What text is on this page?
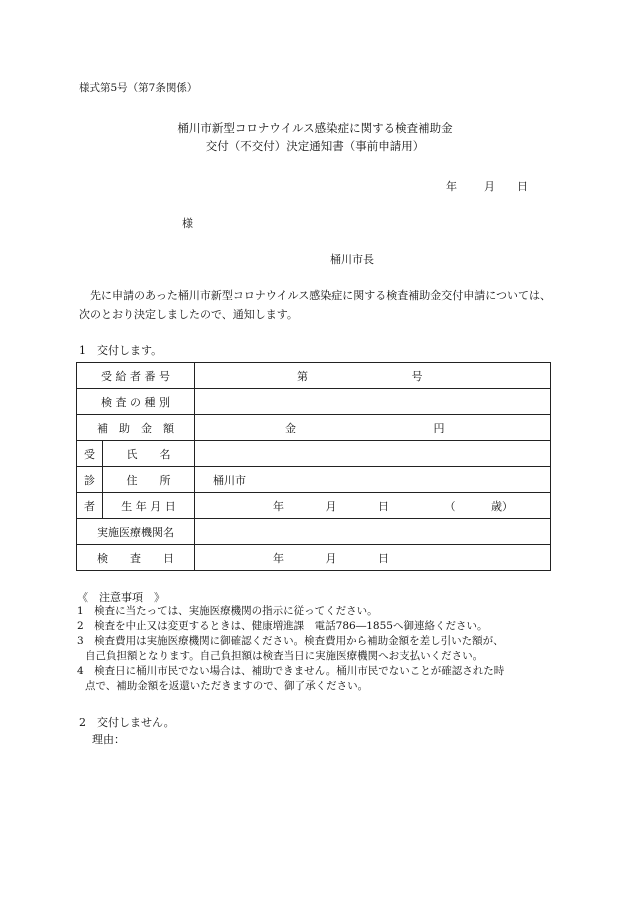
様式第5号（第7条関係）
桶川市新型コロナウイルス感染症に関する検査補助金
交付（不交付）決定通知書（事前申請用）
年 月 日
様
桶川市長
先に申請のあった桶川市新型コロナウイルス感染症に関する検査補助金交付申請については、次のとおり決定しましたので、通知します。
1　交付します。
受 給 者 番 号		第 号
検 査 の 種 別		
補　助　金　額		金 円
受	氏　　名	
診	住　　所	桶川市
者	生 年 月 日	年 月 日 （ 歳）
実施医療機関名		
検　　査　　日		年 月 日
《　注意事項　》
1　検査に当たっては、実施医療機関の指示に従ってください。
2　検査を中止又は変更するときは、健康増進課　電話786―1855へ御連絡ください。
3　検査費用は実施医療機関に御確認ください。検査費用から補助金額を差し引いた額が、
自己負担額となります。自己負担額は検査当日に実施医療機関へお支払いください。
4　検査日に桶川市民でない場合は、補助できません。桶川市民でないことが確認された時
点で、補助金額を返還いただきますので、御了承ください。
2　交付しません。
理由：
